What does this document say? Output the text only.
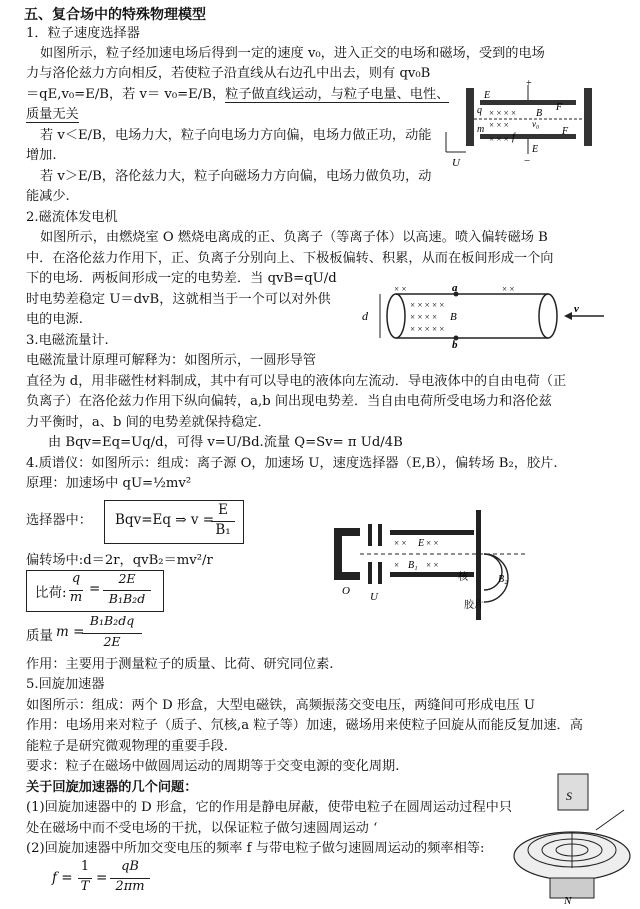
五、复合场中的特殊物理模型
1．粒子速度选择器
如图所示，粒子经加速电场后得到一定的速度 v₀，进入正交的电场和磁场，受到的电场
力与洛伦兹力方向相反，若使粒子沿直线从右边孔中出去，则有 qv₀B
＝qE,v₀=E/B，若 v＝ v₀=E/B，粒子做直线运动，与粒子电量、电性、
质量无关
若 v＜E/B，电场力大，粒子向电场力方向偏，电场力做正功，动能
增加.
若 v＞E/B，洛伦兹力大，粒子向磁场力方向偏，电场力做负功，动
能减少.
+
−
E
E
B
q
m
U
F
F
f
v₀
× × × ×
× × ×
× × ×
2.磁流体发电机
如图所示，由燃烧室 O 燃烧电离成的正、负离子（等离子体）以高速。喷入偏转磁场 B
中．在洛伦兹力作用下，正、负离子分别向上、下极板偏转、积累，从而在板间形成一个向
下的电场．两板间形成一定的电势差．当 qvB=qU/d
时电势差稳定 U＝dvB，这就相当于一个可以对外供
电的电源.	d
a
b
B
× × × × ×
× × × ×
× × × × ×
× ×	× ×
v
3.电磁流量计.
电磁流量计原理可解释为：如图所示，一圆形导管
直径为 d，用非磁性材料制成，其中有可以导电的液体向左流动．导电液体中的自由电荷（正
负离子）在洛伦兹力作用下纵向偏转，a,b 间出现电势差．当自由电荷所受电场力和洛伦兹
力平衡时，a、b 间的电势差就保持稳定．
由 Bqv=Eq=Uq/d，可得 v=U/Bd.流量 Q=Sv= π Ud/4B
4.质谱仪：如图所示：组成：离子源 O，加速场 U，速度选择器（E,B），偏转场 B₂，胶片.
原理：加速场中 qU=½mv²
选择器中： Bqv=Eq ⇒ v =
E
B₁
偏转场中:d＝2r，qvB₂＝mv²/r
比荷:
q
m
=
2E
B₁B₂d
质量 m =
B₁B₂dq
2E
O U
× × E × ×
× B₁ × ×
B₂
核
胶片
作用：主要用于测量粒子的质量、比荷、研究同位素.
5.回旋加速器
如图所示：组成：两个 D 形盒，大型电磁铁，高频振荡交变电压，两缝间可形成电压 U
作用：电场用来对粒子（质子、氘核,a 粒子等）加速，磁场用来使粒子回旋从而能反复加速．高
能粒子是研究微观物理的重要手段.
要求：粒子在磁场中做圆周运动的周期等于交变电源的变化周期.
关于回旋加速器的几个问题：
(1)回旋加速器中的 D 形盒，它的作用是静电屏蔽，使带电粒子在圆周运动过程中只
处在磁场中而不受电场的干扰，以保证粒子做匀速圆周运动 ‘
(2)回旋加速器中所加交变电压的频率 f 与带电粒子做匀速圆周运动的频率相等:
f =
1
T
=
qB
2πm
S
N
